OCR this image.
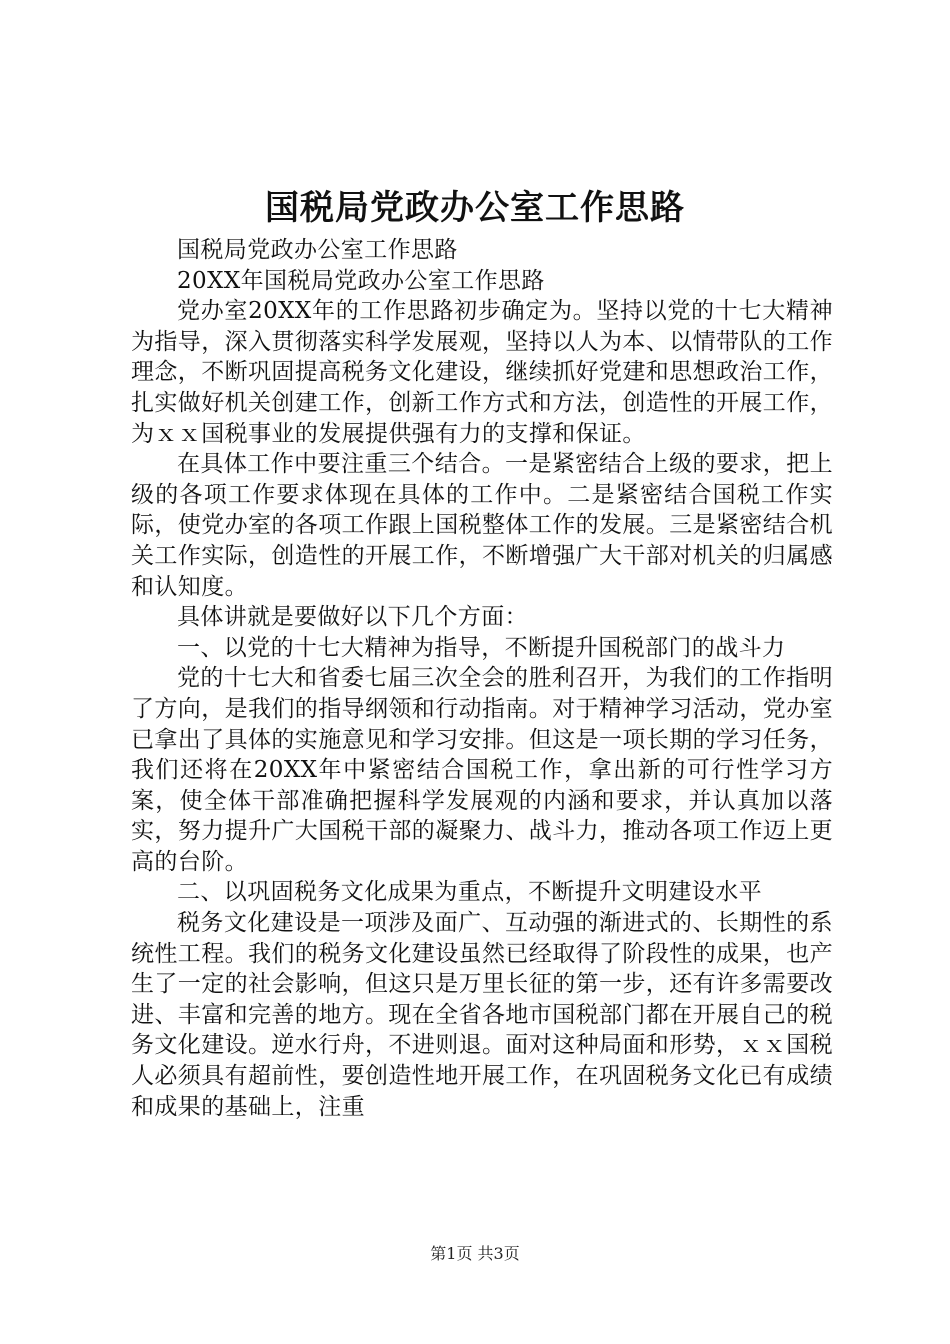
国税局党政办公室工作思路

国税局党政办公室工作思路

20XX年国税局党政办公室工作思路

党办室20XX年的工作思路初步确定为。坚持以党的十七大精神为指导，深入贯彻落实科学发展观，坚持以人为本、以情带队的工作理念，不断巩固提高税务文化建设，继续抓好党建和思想政治工作，扎实做好机关创建工作，创新工作方式和方法，创造性的开展工作，为ｘｘ国税事业的发展提供强有力的支撑和保证。

在具体工作中要注重三个结合。一是紧密结合上级的要求，把上级的各项工作要求体现在具体的工作中。二是紧密结合国税工作实际，使党办室的各项工作跟上国税整体工作的发展。三是紧密结合机关工作实际，创造性的开展工作，不断增强广大干部对机关的归属感和认知度。

具体讲就是要做好以下几个方面：

一、以党的十七大精神为指导，不断提升国税部门的战斗力

党的十七大和省委七届三次全会的胜利召开，为我们的工作指明了方向，是我们的指导纲领和行动指南。对于精神学习活动，党办室已拿出了具体的实施意见和学习安排。但这是一项长期的学习任务，我们还将在20XX年中紧密结合国税工作，拿出新的可行性学习方案，使全体干部准确把握科学发展观的内涵和要求，并认真加以落实，努力提升广大国税干部的凝聚力、战斗力，推动各项工作迈上更高的台阶。

二、以巩固税务文化成果为重点，不断提升文明建设水平

税务文化建设是一项涉及面广、互动强的渐进式的、长期性的系统性工程。我们的税务文化建设虽然已经取得了阶段性的成果，也产生了一定的社会影响，但这只是万里长征的第一步，还有许多需要改进、丰富和完善的地方。现在全省各地市国税部门都在开展自己的税务文化建设。逆水行舟，不进则退。面对这种局面和形势，ｘｘ国税人必须具有超前性，要创造性地开展工作，在巩固税务文化已有成绩和成果的基础上，注重

第1页 共3页
